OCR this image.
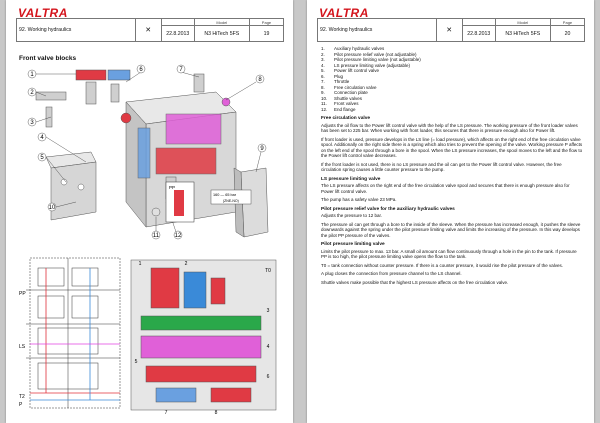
VALTRA
92. Working hydraulics	✕		Model	Page
		22.8.2013	N3 HiTech 5FS	19
Front valve blocks
1
2
3
4
5
6	7
8
9
10
11	12
PP
160 — 65 bar
(ZNE-NO)
PP
LS
T2
P
1	2
3
4
5
6
7	8
T0
VALTRA
92. Working hydraulics	✕		Model	Page
		22.8.2013	N3 HiTech 5FS	20
1. Auxiliary hydraulic valves
2. Pilot pressure relief valve (not adjustable)
3. Pilot pressure limiting valve (not adjustable)
4. LS pressure limiting valve (adjustable)
5. Power lift control valve
6. Plug
7. Throttle
8. Free circulation valve
9. Connection plate
10. Shuttle valves
11. Front valves
12. End flange
Free circulation valve

Adjusts the oil flow to the Power lift control valve with the help of the LS pressure. The working pressure of the front loader valves has been set to 225 bar. When working with front loader, this secures that there is pressure enough also for Power lift.

If front loader is used, pressure develops in the LS line (= load pressure), which affects on the right end of the free circulation valve spool. Additionally on the right side there is a spring which also tries to prevent the opening of the valve. Working pressure P affects on the left end of the spool through a bore in the spool. When the LS pressure increases, the spool moves to the left and the flow to the Power lift control valve decreases.

If the front loader is not used, there is no LS pressure and the oil can get to the Power lift control valve. However, the free circulation spring causes a little counter pressure to the pump.

LS pressure limiting valve

The LS pressure affects on the right end of the free circulation valve spool and secures that there is enough pressure also for Power lift control valve.

The pump has a safety valve 23 MPa.

Pilot pressure relief valve for the auxiliary hydraulic valves

Adjusts the pressure to 12 bar.

The pressure oil can get through a bore to the inside of the sleeve. When the pressure has increased enough, it pushes the sleeve downwards against the spring under the pilot pressure limiting valve and limits the increasing of the pressure. In this way develops the pilot PP pressure of the valves.

Pilot pressure limiting valve

Limits the pilot pressure to max. 13 bar. A small oil amount can flow continuously through a hole in the pin to the tank. If pressure PP is too high, the pilot pressure limiting valve opens the flow to the tank.

T0 = tank connection without counter pressure. If there is a counter pressure, it would rise the pilot pressure of the valves.

A plug closes the connection from pressure channel to the LS channel.

Shuttle valves make possible that the highest LS pressure affects on the free circulation valve.
